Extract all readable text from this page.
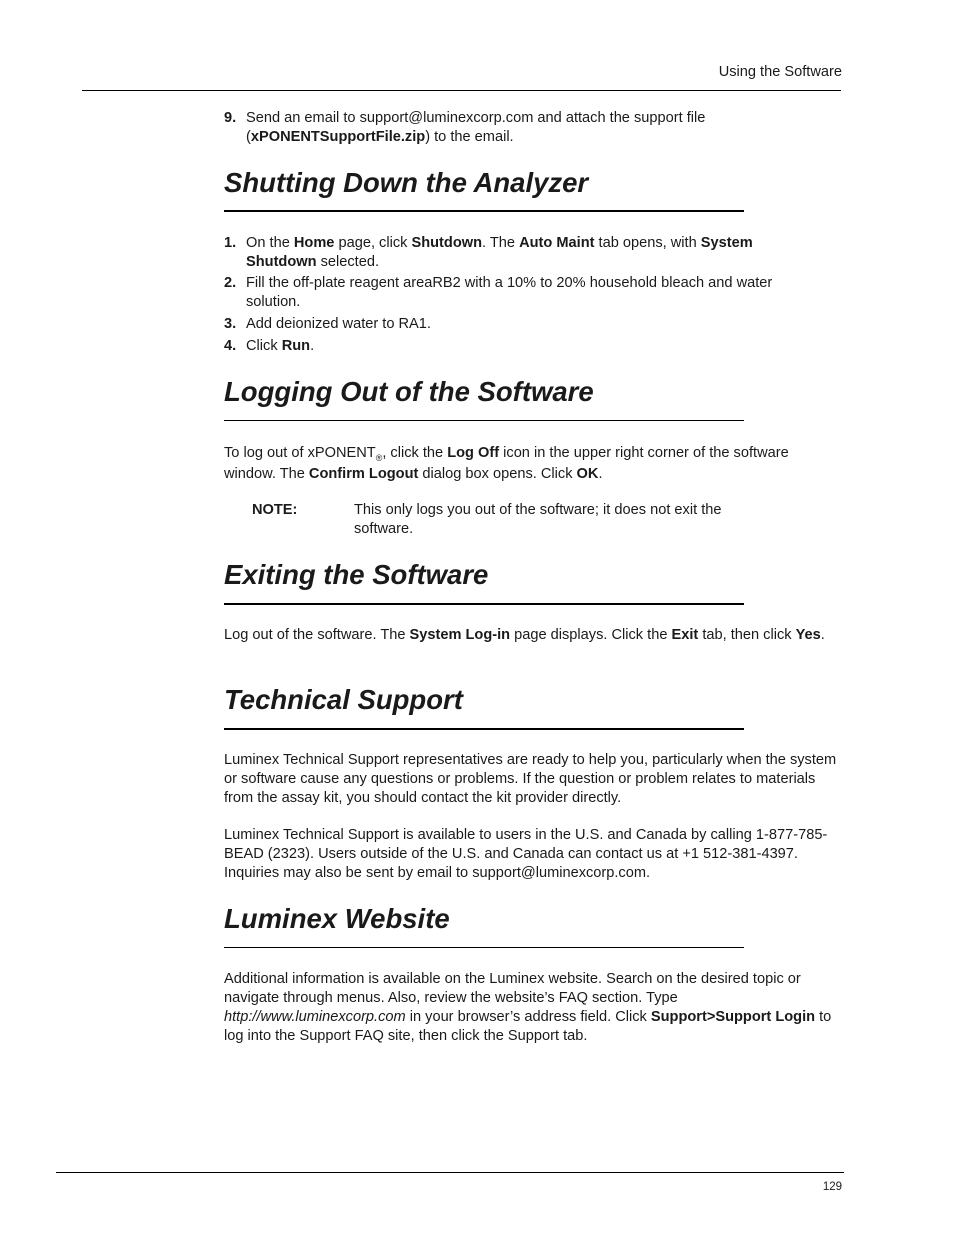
Using the Software
9. Send an email to support@luminexcorp.com and attach the support file (xPONENTSupportFile.zip) to the email.
Shutting Down the Analyzer
1. On the Home page, click Shutdown. The Auto Maint tab opens, with System Shutdown selected.
2. Fill the off-plate reagent areaRB2 with a 10% to 20% household bleach and water solution.
3. Add deionized water to RA1.
4. Click Run.
Logging Out of the Software

To log out of xPONENT$_®$, click the Log Off icon in the upper right corner of the software window. The Confirm Logout dialog box opens. Click OK.

NOTE:	This only logs you out of the software; it does not exit the software.
Exiting the Software

Log out of the software. The System Log-in page displays. Click the Exit tab, then click Yes.

Technical Support

Luminex Technical Support representatives are ready to help you, particularly when the system or software cause any questions or problems. If the question or problem relates to materials from the assay kit, you should contact the kit provider directly.

Luminex Technical Support is available to users in the U.S. and Canada by calling 1-877-785-BEAD (2323). Users outside of the U.S. and Canada can contact us at +1 512-381-4397. Inquiries may also be sent by email to support@luminexcorp.com.

Luminex Website

Additional information is available on the Luminex website. Search on the desired topic or navigate through menus. Also, review the website’s FAQ section. Type http://www.luminexcorp.com in your browser’s address field. Click Support>Support Login to log into the Support FAQ site, then click the Support tab.

129
